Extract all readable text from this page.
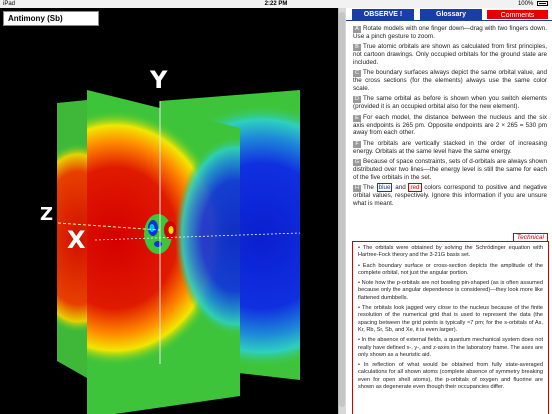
iPad	2:22 PM	100%
Antimony (Sb)
Y
Z
X
OBSERVE !	Glossary	Comments
A Rotate models with one finger down—drag with two fingers down. Use a pinch gesture to zoom.
B True atomic orbitals are shown as calculated from first principles, not cartoon drawings. Only occupied orbitals for the ground state are included.
C The boundary surfaces always depict the same orbital value, and the cross sections (for the elements) always use the same color scale.
D The same orbital as before is shown when you switch elements (provided it is an occupied orbital also for the new element).
E For each model, the distance between the nucleus and the six axis endpoints is 265 pm. Opposite endpoints are 2 × 265 = 530 pm away from each other.
F The orbitals are vertically stacked in the order of increasing energy. Orbitals at the same level have the same energy.
G Because of space constraints, sets of d-orbitals are always shown distributed over two lines—the energy level is still the same for each of the five orbitals in the set.
H The blue and red colors correspond to positive and negative orbital values, respectively. Ignore this information if you are unsure what is meant.
Technical
• The orbitals were obtained by solving the Schrödinger equation with Hartree-Fock theory and the 3-21G basis set.
• Each boundary surface or cross-section depicts the amplitude of the complete orbital, not just the angular portion.
• Note how the p-orbitals are not bowling pin-shaped (as is often assumed because only the angular dependence is considered)—they look more like flattened dumbbells.
• The orbitals look jagged very close to the nucleus because of the finite resolution of the numerical grid that is used to represent the data (the spacing between the grid points is typically ≈7 pm; for the s-orbitals of As, Kr, Rb, Sr, Sb, and Xe, it is even larger).
• In the absence of external fields, a quantum mechanical system does not really have defined x-, y-, and z-axes in the laboratory frame. The axes are only shown as a heuristic aid.
• In reflection of what would be obtained from fully state-averaged calculations for all shown atoms (complete absence of symmetry breaking even for open shell atoms), the p-orbitals of oxygen and fluorine are shown as degenerate even though their occupancies differ.
